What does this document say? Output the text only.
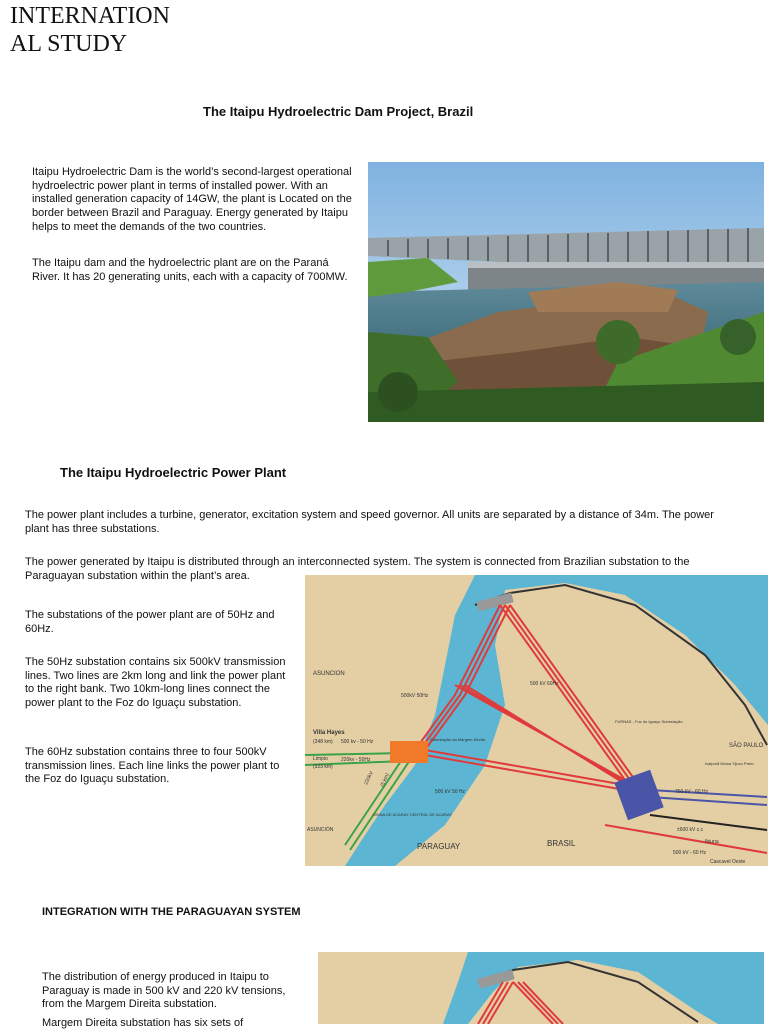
INTERNATION
AL STUDY
The Itaipu Hydroelectric Dam Project, Brazil
Itaipu Hydroelectric Dam is the world’s second-largest operational hydroelectric power plant in terms of installed power. With an installed generation capacity of 14GW, the plant is Located on the border between Brazil and Paraguay. Energy generated by Itaipu helps to meet the demands of the two countries.
The Itaipu dam and the hydroelectric plant are on the Paraná River. It has 20 generating units, each with a capacity of 700MW.
The Itaipu Hydroelectric Power Plant
The power plant includes a turbine, generator, excitation system and speed governor. All units are separated by a distance of 34m. The power plant has three substations.
The power generated by Itaipu is distributed through an interconnected system. The system is connected from Brazilian substation to the Paraguayan substation within the plant’s area.
The substations of the power plant are of 50Hz and 60Hz.
The 50Hz substation contains six 500kV transmission lines. Two lines are 2km long and link the power plant to the right bank. Two 10km-long lines connect the power plant to the Foz do Iguaçu substation.
The 60Hz substation contains three to four 500kV transmission lines. Each line links the power plant to the Foz do Iguaçu substation.
ASUNCION
Villa Hayes
(348 km) 500 kv - 50 Hz
Limpio
(323 km)
220kv - 50Hz
500kV 50Hz
500 kV 60Hz
500 kV 50 Hz
Subestação da Margem Direita
FURNAS - Foz do Iguaçu Subestação
SÃO PAULO
Ivaiporã Ibiúna Tijuco Preto
750 kV - 60 Hz
±600 kV c.c
Ibiuna
500 kV - 60 Hz
Cascavel Oeste
PARAGUAY	BRASIL
ASUNCIÓN
USINA DE ACARAY CENTRAL DE ACARAY
220kV (5 km)
INTEGRATION WITH THE PARAGUAYAN SYSTEM
The distribution of energy produced in Itaipu to Paraguay is made in 500 kV and 220 kV tensions, from the Margem Direita substation.
Margem Direita substation has six sets of
